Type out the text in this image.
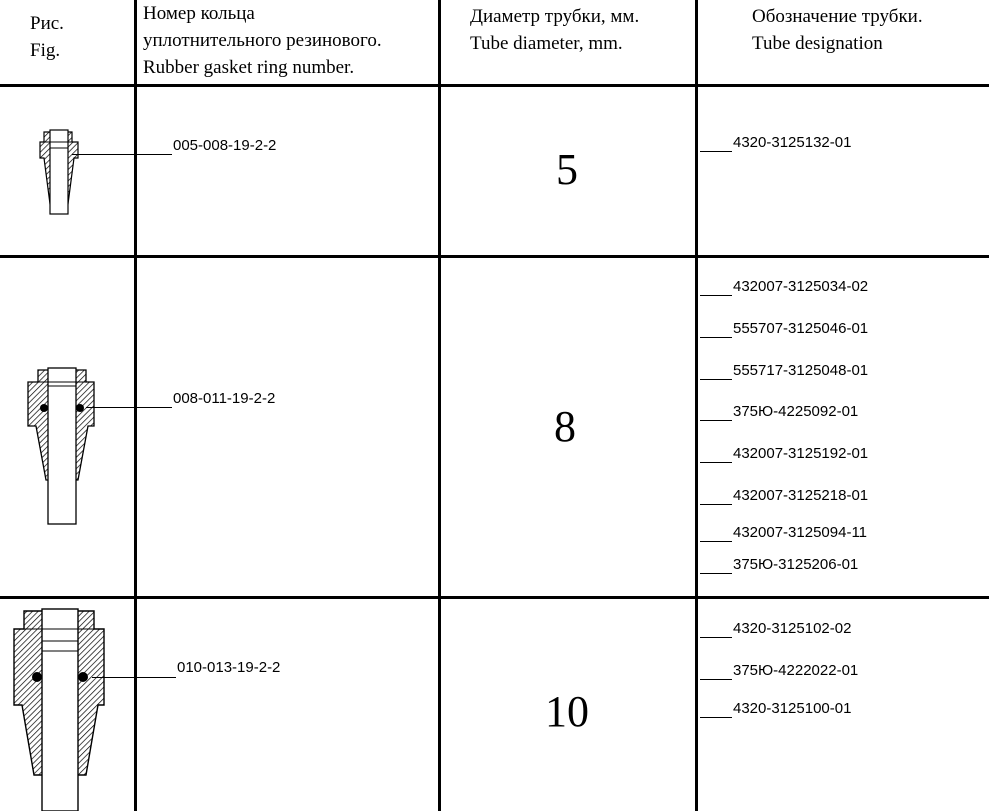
Рис.
Fig.
Номер кольца
уплотнительного резинового.
Rubber gasket ring number.
Диаметр трубки, мм.
Tube diameter, mm.
Обозначение трубки.
Tube designation
005-008-19-2-2	5
4320-3125132-01
008-011-19-2-2
8
432007-3125034-02
555707-3125046-01
555717-3125048-01
375Ю-4225092-01
432007-3125192-01
432007-3125218-01
432007-3125094-11
375Ю-3125206-01
010-013-19-2-2
10
4320-3125102-02
375Ю-4222022-01
4320-3125100-01
